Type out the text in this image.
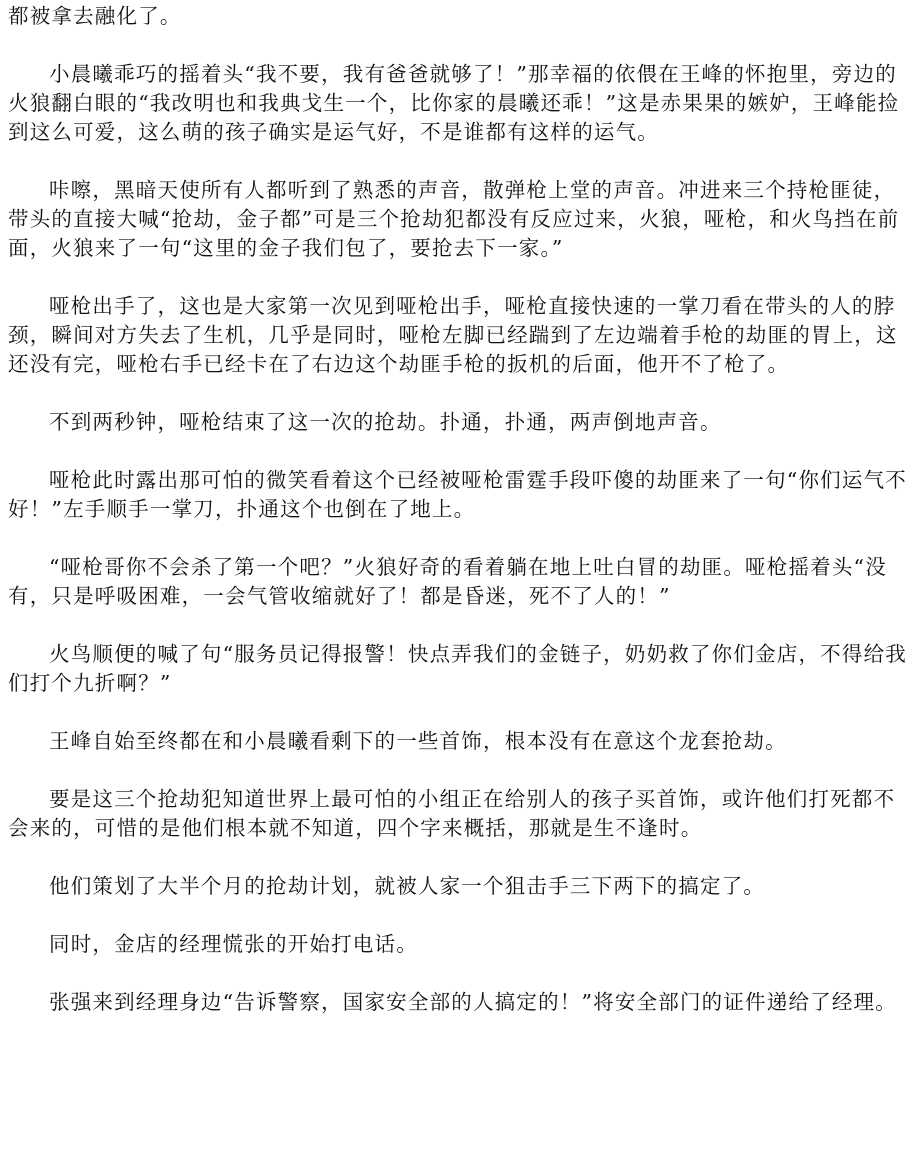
都被拿去融化了。

小晨曦乖巧的摇着头“我不要，我有爸爸就够了！”那幸福的依偎在王峰的怀抱里，旁边的火狼翻白眼的“我改明也和我典戈生一个，比你家的晨曦还乖！”这是赤果果的嫉妒，王峰能捡到这么可爱，这么萌的孩子确实是运气好，不是谁都有这样的运气。

咔嚓，黑暗天使所有人都听到了熟悉的声音，散弹枪上堂的声音。冲进来三个持枪匪徒，带头的直接大喊“抢劫，金子都”可是三个抢劫犯都没有反应过来，火狼，哑枪，和火鸟挡在前面，火狼来了一句“这里的金子我们包了，要抢去下一家。”

哑枪出手了，这也是大家第一次见到哑枪出手，哑枪直接快速的一掌刀看在带头的人的脖颈，瞬间对方失去了生机，几乎是同时，哑枪左脚已经踹到了左边端着手枪的劫匪的胃上，这还没有完，哑枪右手已经卡在了右边这个劫匪手枪的扳机的后面，他开不了枪了。

不到两秒钟，哑枪结束了这一次的抢劫。扑通，扑通，两声倒地声音。

哑枪此时露出那可怕的微笑看着这个已经被哑枪雷霆手段吓傻的劫匪来了一句“你们运气不好！”左手顺手一掌刀，扑通这个也倒在了地上。

“哑枪哥你不会杀了第一个吧？”火狼好奇的看着躺在地上吐白冒的劫匪。哑枪摇着头“没有，只是呼吸困难，一会气管收缩就好了！都是昏迷，死不了人的！”

火鸟顺便的喊了句“服务员记得报警！快点弄我们的金链子，奶奶救了你们金店，不得给我们打个九折啊？”

王峰自始至终都在和小晨曦看剩下的一些首饰，根本没有在意这个龙套抢劫。

要是这三个抢劫犯知道世界上最可怕的小组正在给别人的孩子买首饰，或许他们打死都不会来的，可惜的是他们根本就不知道，四个字来概括，那就是生不逢时。

他们策划了大半个月的抢劫计划，就被人家一个狙击手三下两下的搞定了。

同时，金店的经理慌张的开始打电话。

张强来到经理身边“告诉警察，国家安全部的人搞定的！”将安全部门的证件递给了经理。
